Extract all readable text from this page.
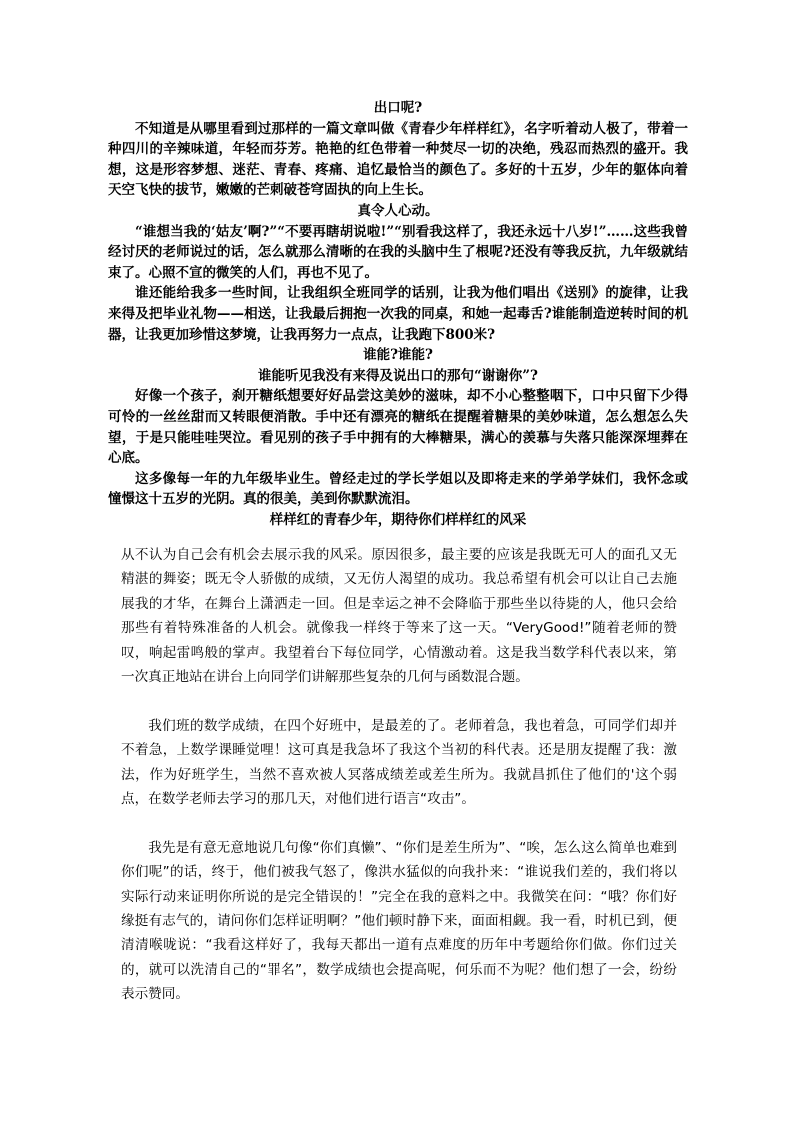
出口呢?

不知道是从哪里看到过那样的一篇文章叫做《青春少年样样红》，名字听着动人极了，带着一种四川的辛辣味道，年轻而芬芳。艳艳的红色带着一种焚尽一切的决绝，残忍而热烈的盛开。我想，这是形容梦想、迷茫、青春、疼痛、追忆最恰当的颜色了。多好的十五岁，少年的躯体向着天空飞快的拔节，嫩嫩的芒刺破苍穹固执的向上生长。

真令人心动。

“谁想当我的‘姑友’啊?”“不要再瞎胡说啦!”“别看我这样了，我还永远十八岁!”……这些我曾经讨厌的老师说过的话，怎么就那么清晰的在我的头脑中生了根呢?还没有等我反抗，九年级就结束了。心照不宣的微笑的人们，再也不见了。

谁还能给我多一些时间，让我组织全班同学的话别，让我为他们唱出《送别》的旋律，让我来得及把毕业礼物——相送，让我最后拥抱一次我的同桌，和她一起毒舌?谁能制造逆转时间的机器，让我更加珍惜这梦境，让我再努力一点点，让我跑下800米?

谁能?谁能?

谁能听见我没有来得及说出口的那句“谢谢你”?

好像一个孩子，刹开糖纸想要好好品尝这美妙的滋味，却不小心整整咽下，口中只留下少得可怜的一丝丝甜而又转眼便消散。手中还有漂亮的糖纸在提醒着糖果的美妙味道，怎么想怎么失望，于是只能哇哇哭泣。看见别的孩子手中拥有的大棒糖果，满心的羡慕与失落只能深深埋葬在心底。

这多像每一年的九年级毕业生。曾经走过的学长学姐以及即将走来的学弟学妹们，我怀念或憧憬这十五岁的光阴。真的很美，美到你默默流泪。

样样红的青春少年，期待你们样样红的风采

从不认为自己会有机会去展示我的风采。原因很多，最主要的应该是我既无可人的面孔又无精湛的舞姿；既无令人骄傲的成绩，又无仿人渴望的成功。我总希望有机会可以让自己去施展我的才华，在舞台上潇洒走一回。但是幸运之神不会降临于那些坐以待毙的人，他只会给那些有着特殊准备的人机会。就像我一样终于等来了这一天。“VeryGood!”随着老师的赞叹，响起雷鸣般的掌声。我望着台下每位同学，心情激动着。这是我当数学科代表以来，第一次真正地站在讲台上向同学们讲解那些复杂的几何与函数混合题。

我们班的数学成绩，在四个好班中，是最差的了。老师着急，我也着急，可同学们却并不着急，上数学课睡觉哩！这可真是我急坏了我这个当初的科代表。还是朋友提醒了我：激法，作为好班学生，当然不喜欢被人冥落成绩差或差生所为。我就昌抓住了他们的'这个弱点，在数学老师去学习的那几天，对他们进行语言“攻击”。

我先是有意无意地说几句像“你们真懒”、“你们是差生所为”、“唉，怎么这么简单也难到你们呢”的话，终于，他们被我气怒了，像洪水猛似的向我扑来：“谁说我们差的，我们将以实际行动来证明你所说的是完全错误的！”完全在我的意料之中。我微笑在问：“哦？你们好缘挺有志气的，请问你们怎样证明啊？”他们顿时静下来，面面相觑。我一看，时机已到，便清清喉咙说：“我看这样好了，我每天都出一道有点难度的历年中考题给你们做。你们过关的，就可以洗清自己的“罪名”，数学成绩也会提高呢，何乐而不为呢？他们想了一会，纷纷表示赞同。
